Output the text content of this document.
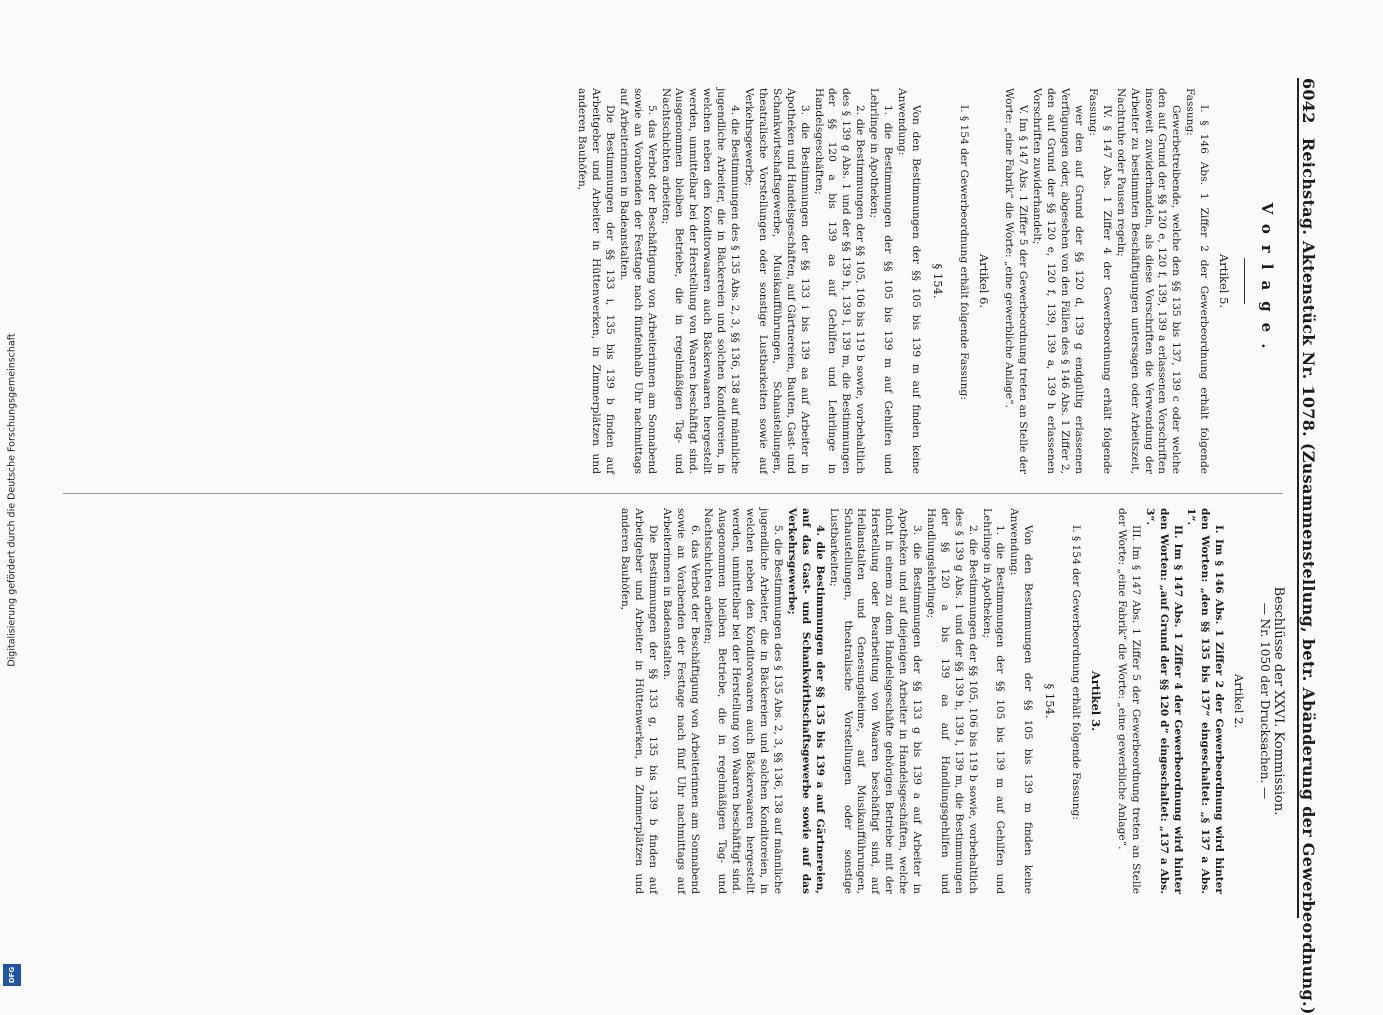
6042
Reichstag. Aktenstück Nr. 1078. (Zusammenstellung, betr. Abänderung der Gewerbeordnung.)
Vorlage.
Artikel 5.

I. § 146 Abs. 1 Ziffer 2 der Gewerbeordnung erhält folgende Fassung:

Gewerbetreibende, welche den §§ 135 bis 137, 139 c oder welche den auf Grund der §§ 120 e, 120 f, 139, 139 a erlassenen Vorschriften insoweit zuwiderhandeln, als diese Vorschriften die Verwendung der Arbeiter zu bestimmten Beschäftigungen untersagen oder Arbeitszeit, Nachtruhe oder Pausen regeln;

IV. § 147 Abs. 1 Ziffer 4 der Gewerbeordnung erhält folgende Fassung:

wer den auf Grund der §§ 120 d, 139 g endgültig erlassenen Verfügungen oder, abgesehen von den Fällen des § 146 Abs. 1 Ziffer 2, den auf Grund der §§ 120 e, 120 f, 139, 139 a, 139 h erlassenen Vorschriften zuwiderhandelt;

V. Im § 147 Abs. 1 Ziffer 5 der Gewerbeordnung treten an Stelle der Worte: „eine Fabrik“ die Worte: „eine gewerbliche Anlage“.

Artikel 6.

I. § 154 der Gewerbeordnung erhält folgende Fassung:

§ 154.

Von den Bestimmungen der §§ 105 bis 139 m auf finden keine Anwendung:

1. die Bestimmungen der §§ 105 bis 139 m auf Gehilfen und Lehrlinge in Apotheken;

2. die Bestimmungen der §§ 105, 106 bis 119 b sowie, vorbehaltlich des § 139 g Abs. 1 und der §§ 139 h, 139 l, 139 m, die Bestimmungen der §§ 120 a bis 139 aa auf Gehilfen und Lehrlinge in Handelsgeschäften;

3. die Bestimmungen der §§ 133 i bis 139 aa auf Arbeiter in Apotheken und Handelsgeschäften, auf Gärtnereien, Bauten, Gast- und Schankwirtschaftsgewerbe, Musikaufführungen, Schaustellungen, theatralische Vorstellungen oder sonstige Lustbarkeiten sowie auf Verkehrsgewerbe;

4. die Bestimmungen des § 135 Abs. 2, 3, §§ 136, 138 auf männliche jugendliche Arbeiter, die in Bäckereien und solchen Konditoreien, in welchen neben den Konditorwaaren auch Bäckerwaaren hergestellt werden, unmittelbar bei der Herstellung von Waaren beschäftigt sind. Ausgenommen bleiben Betriebe, die in regelmäßigen Tag- und Nachtschichten arbeiten;

5. das Verbot der Beschäftigung von Arbeiterinnen am Sonnabend sowie an Vorabenden der Festtage nach fünfeinhalb Uhr nachmittags auf Arbeiterinnen in Badeanstalten.

Die Bestimmungen der §§ 133 i, 135 bis 139 b finden auf Arbeitgeber und Arbeiter in Hüttenwerken, in Zimmerplätzen und anderen Bauhöfen,

Beschlüsse der XXVI. Kommission.
— Nr. 1050 der Drucksachen. —
Artikel 2.

I. Im § 146 Abs. 1 Ziffer 2 der Gewerbeordnung wird hinter den Worten: „den §§ 135 bis 137“ eingeschaltet: „§ 137 a Abs. 1“.

II. Im § 147 Abs. 1 Ziffer 4 der Gewerbeordnung wird hinter den Worten: „auf Grund der §§ 120 d“ eingeschaltet: „137 a Abs. 3“.

III. Im § 147 Abs. 1 Ziffer 5 der Gewerbeordnung treten an Stelle der Worte: „eine Fabrik“ die Worte: „eine gewerbliche Anlage“.

Artikel 3.

I. § 154 der Gewerbeordnung erhält folgende Fassung:

§ 154.

Von den Bestimmungen der §§ 105 bis 139 m finden keine Anwendung:

1. die Bestimmungen der §§ 105 bis 139 m auf Gehilfen und Lehrlinge in Apotheken;

2. die Bestimmungen der §§ 105, 106 bis 119 b sowie, vorbehaltlich des § 139 g Abs. 1 und der §§ 139 h, 139 l, 139 m, die Bestimmungen der §§ 120 a bis 139 aa auf Handlungsgehilfen und Handlungslehrlinge;

3. die Bestimmungen der §§ 133 g bis 139 a auf Arbeiter in Apotheken und auf diejenigen Arbeiter in Handelsgeschäften, welche nicht in einem zu dem Handelsgeschäfte gehörigen Betriebe mit der Herstellung oder Bearbeitung von Waaren beschäftigt sind, auf Heilanstalten und Genesungsheime, auf Musikaufführungen, Schaustellungen, theatralische Vorstellungen oder sonstige Lustbarkeiten;

4. die Bestimmungen der §§ 135 bis 139 a auf Gärtnereien, auf das Gast- und Schankwirthschaftsgewerbe sowie auf das Verkehrsgewerbe;

5. die Bestimmungen des § 135 Abs. 2, 3, §§ 136, 138 auf männliche jugendliche Arbeiter, die in Bäckereien und solchen Konditoreien, in welchen neben den Konditorwaaren auch Bäckerwaaren hergestellt werden, unmittelbar bei der Herstellung von Waaren beschäftigt sind. Ausgenommen bleiben Betriebe, die in regelmäßigen Tag- und Nachtschichten arbeiten;

6. das Verbot der Beschäftigung von Arbeiterinnen am Sonnabend sowie an Vorabenden der Festtage nach fünf Uhr nachmittags auf Arbeiterinnen in Badeanstalten.

Die Bestimmungen der §§ 133 g, 135 bis 139 b finden auf Arbeitgeber und Arbeiter in Hüttenwerken, in Zimmerplätzen und anderen Bauhöfen,

Digitalisierung gefördert durch die Deutsche Forschungsgemeinschaft
DFG
